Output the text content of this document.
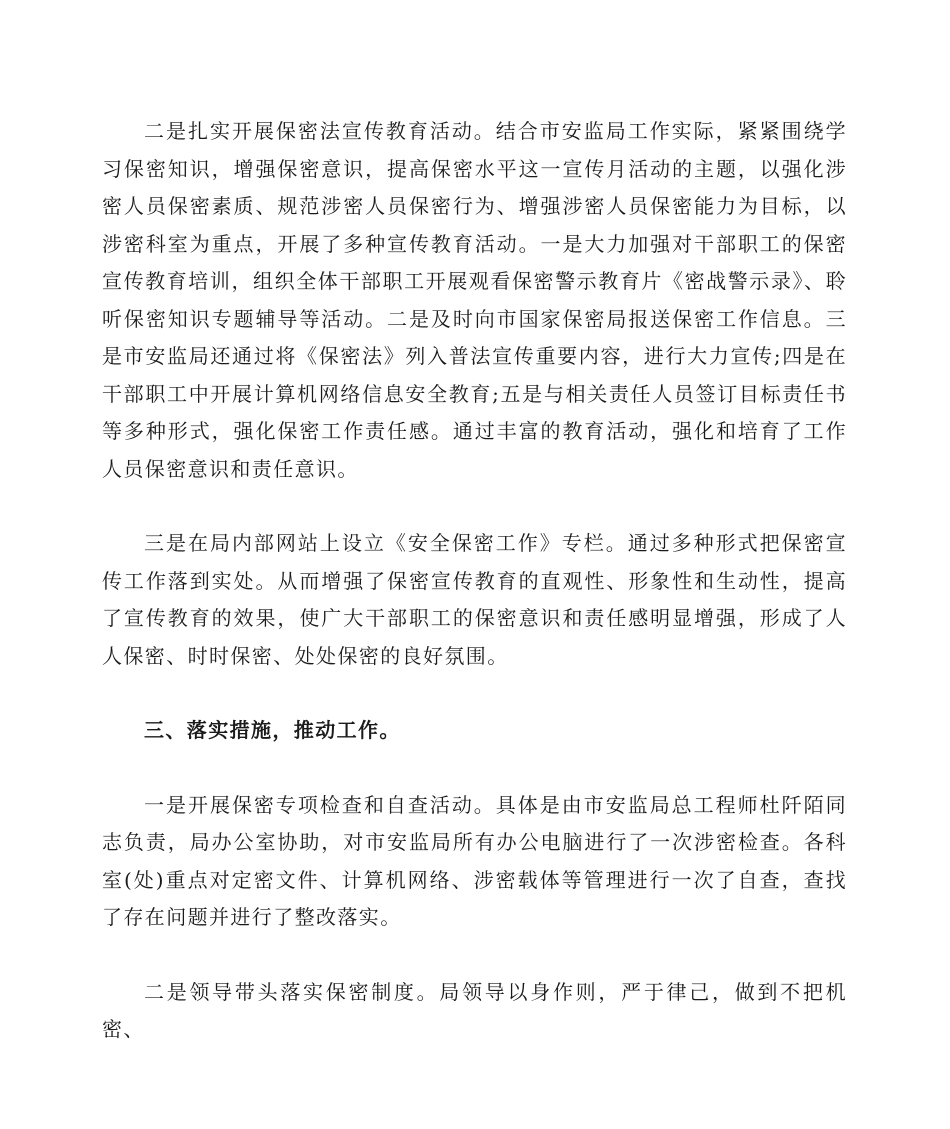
二是扎实开展保密法宣传教育活动。结合市安监局工作实际，紧紧围绕学习保密知识，增强保密意识，提高保密水平这一宣传月活动的主题，以强化涉密人员保密素质、规范涉密人员保密行为、增强涉密人员保密能力为目标，以涉密科室为重点，开展了多种宣传教育活动。一是大力加强对干部职工的保密宣传教育培训，组织全体干部职工开展观看保密警示教育片《密战警示录》、聆听保密知识专题辅导等活动。二是及时向市国家保密局报送保密工作信息。三是市安监局还通过将《保密法》列入普法宣传重要内容，进行大力宣传;四是在干部职工中开展计算机网络信息安全教育;五是与相关责任人员签订目标责任书等多种形式，强化保密工作责任感。通过丰富的教育活动，强化和培育了工作人员保密意识和责任意识。

三是在局内部网站上设立《安全保密工作》专栏。通过多种形式把保密宣传工作落到实处。从而增强了保密宣传教育的直观性、形象性和生动性，提高了宣传教育的效果，使广大干部职工的保密意识和责任感明显增强，形成了人人保密、时时保密、处处保密的良好氛围。

三、落实措施，推动工作。

一是开展保密专项检查和自查活动。具体是由市安监局总工程师杜阡陌同志负责，局办公室协助，对市安监局所有办公电脑进行了一次涉密检查。各科室(处)重点对定密文件、计算机网络、涉密载体等管理进行一次了自查，查找了存在问题并进行了整改落实。

二是领导带头落实保密制度。局领导以身作则，严于律己，做到不把机密、
